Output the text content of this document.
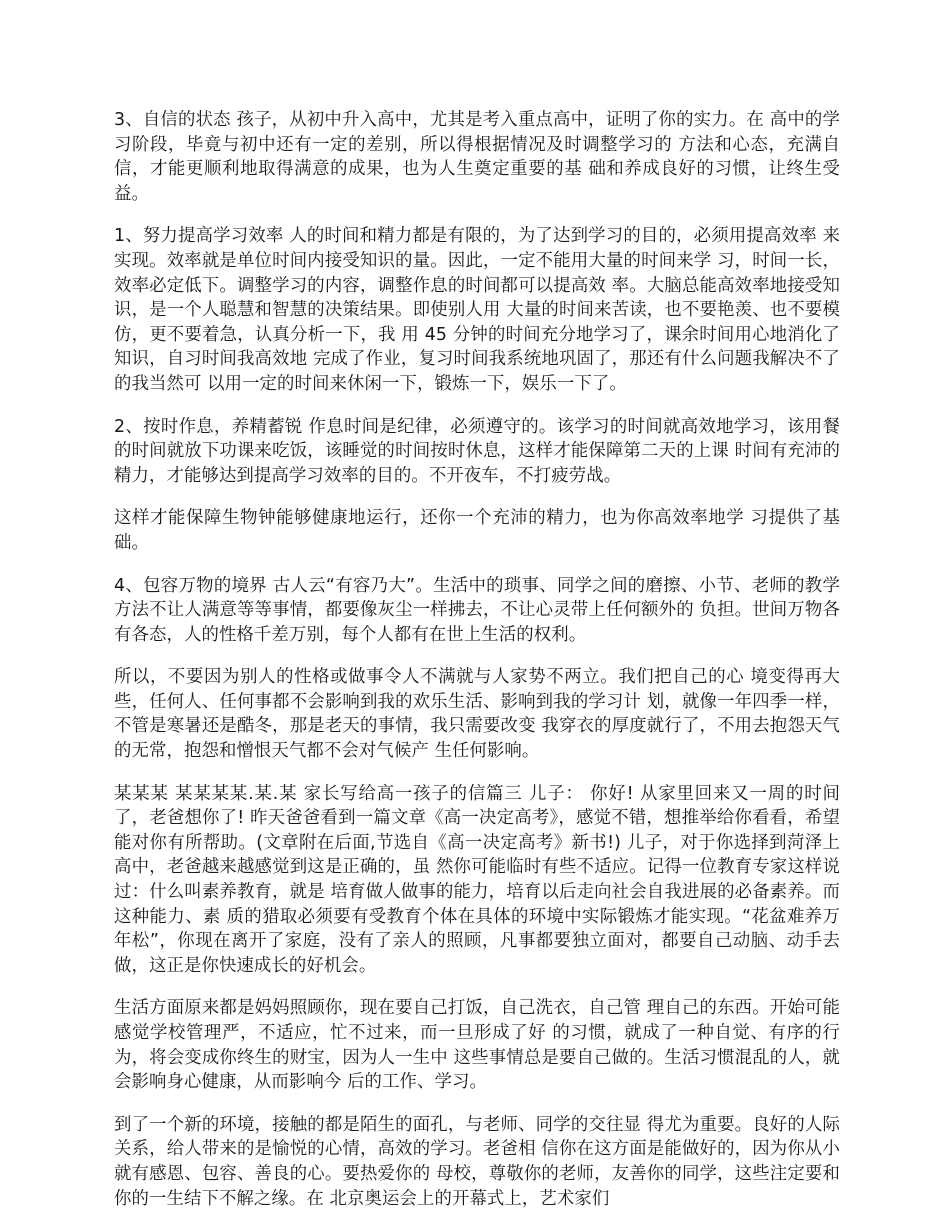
3、自信的状态 孩子，从初中升入高中，尤其是考入重点高中，证明了你的实力。在 高中的学习阶段，毕竟与初中还有一定的差别，所以得根据情况及时调整学习的 方法和心态，充满自信，才能更顺利地取得满意的成果，也为人生奠定重要的基 础和养成良好的习惯，让终生受益。

1、努力提高学习效率 人的时间和精力都是有限的，为了达到学习的目的，必须用提高效率 来实现。效率就是单位时间内接受知识的量。因此，一定不能用大量的时间来学 习，时间一长，效率必定低下。调整学习的内容，调整作息的时间都可以提高效 率。大脑总能高效率地接受知识，是一个人聪慧和智慧的决策结果。即使别人用 大量的时间来苦读，也不要艳羡、也不要模仿，更不要着急，认真分析一下，我 用 45 分钟的时间充分地学习了，课余时间用心地消化了知识，自习时间我高效地 完成了作业，复习时间我系统地巩固了，那还有什么问题我解决不了的我当然可 以用一定的时间来休闲一下，锻炼一下，娱乐一下了。

2、按时作息，养精蓄锐 作息时间是纪律，必须遵守的。该学习的时间就高效地学习，该用餐 的时间就放下功课来吃饭，该睡觉的时间按时休息，这样才能保障第二天的上课 时间有充沛的精力，才能够达到提高学习效率的目的。不开夜车，不打疲劳战。

这样才能保障生物钟能够健康地运行，还你一个充沛的精力，也为你高效率地学 习提供了基础。

4、包容万物的境界 古人云“有容乃大”。生活中的琐事、同学之间的磨擦、小节、老师的教学方法不让人满意等等事情，都要像灰尘一样拂去，不让心灵带上任何额外的 负担。世间万物各有各态，人的性格千差万别，每个人都有在世上生活的权利。

所以，不要因为别人的性格或做事令人不满就与人家势不两立。我们把自己的心 境变得再大些，任何人、任何事都不会影响到我的欢乐生活、影响到我的学习计 划，就像一年四季一样，不管是寒暑还是酷冬，那是老天的事情，我只需要改变 我穿衣的厚度就行了，不用去抱怨天气的无常，抱怨和憎恨天气都不会对气候产 生任何影响。

某某某 某某某某.某.某 家长写给高一孩子的信篇三 儿子： 你好! 从家里回来又一周的时间了，老爸想你了! 昨天爸爸看到一篇文章《高一决定高考》，感觉不错，想推举给你看看，希望能对你有所帮助。(文章附在后面,节选自《高一决定高考》新书!) 儿子，对于你选择到菏泽上高中，老爸越来越感觉到这是正确的，虽 然你可能临时有些不适应。记得一位教育专家这样说过：什么叫素养教育，就是 培育做人做事的能力，培育以后走向社会自我进展的必备素养。而这种能力、素 质的猎取必须要有受教育个体在具体的环境中实际锻炼才能实现。“花盆难养万 年松”，你现在离开了家庭，没有了亲人的照顾，凡事都要独立面对，都要自己动脑、动手去做，这正是你快速成长的好机会。

生活方面原来都是妈妈照顾你，现在要自己打饭，自己洗衣，自己管 理自己的东西。开始可能感觉学校管理严，不适应，忙不过来，而一旦形成了好 的习惯，就成了一种自觉、有序的行为，将会变成你终生的财宝，因为人一生中 这些事情总是要自己做的。生活习惯混乱的人，就会影响身心健康，从而影响今 后的工作、学习。

到了一个新的环境，接触的都是陌生的面孔，与老师、同学的交往显 得尤为重要。良好的人际关系，给人带来的是愉悦的心情，高效的学习。老爸相 信你在这方面是能做好的，因为你从小就有感恩、包容、善良的心。要热爱你的 母校，尊敬你的老师，友善你的同学，这些注定要和你的一生结下不解之缘。在 北京奥运会上的开幕式上，艺术家们
